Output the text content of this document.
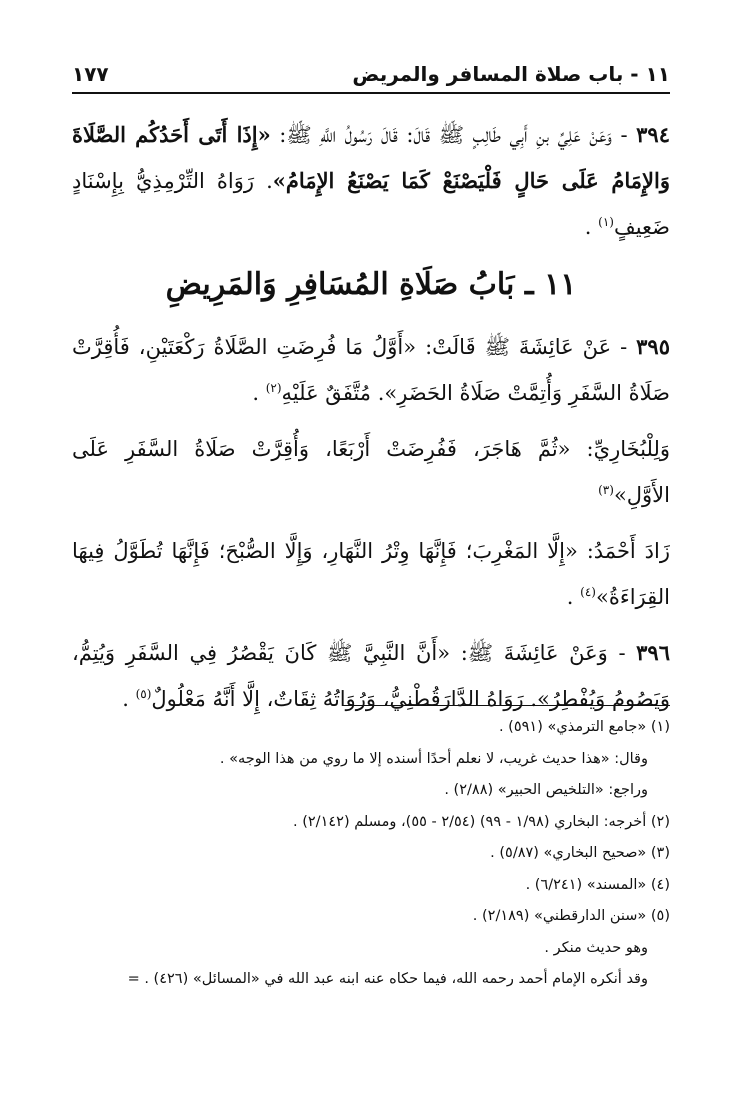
١١ - باب صلاة المسافر والمريض
١٧٧

٣٩٤ - وَعَنْ عَلِيِّ بنِ أَبِي طَالِبٍ ﷺ قَالَ: قَالَ رَسُولُ اللَّهِ ﷺ: «إِذَا أَتَى أَحَدُكُم الصَّلَاةَ وَالإِمَامُ عَلَى حَالٍ فَلْيَصْنَعْ كَمَا يَصْنَعُ الإِمَامُ». رَوَاهُ التِّرْمِذِيُّ بِإِسْنَادٍ ضَعِيفٍ$^{(١)}$ .

١١ ـ بَابُ صَلَاةِ المُسَافِرِ وَالمَرِيضِ

٣٩٥ - عَنْ عَائِشَةَ ﷺ قَالَتْ: «أَوَّلُ مَا فُرِضَتِ الصَّلَاةُ رَكْعَتَيْنِ، فَأُقِرَّتْ صَلَاةُ السَّفَرِ وَأُتِمَّتْ صَلَاةُ الحَضَرِ». مُتَّفَقٌ عَلَيْهِ$^{(٢)}$ .

وَلِلْبُخَارِيِّ: «ثُمَّ هَاجَرَ، فَفُرِضَتْ أَرْبَعًا، وَأُقِرَّتْ صَلَاةُ السَّفَرِ عَلَى الأَوَّلِ»$^{(٣)}$

زَادَ أَحْمَدُ: «إِلَّا المَغْرِبَ؛ فَإِنَّهَا وِتْرُ النَّهَارِ، وَإِلَّا الصُّبْحَ؛ فَإِنَّهَا تُطَوَّلُ فِيهَا القِرَاءَةُ»$^{(٤)}$ .

٣٩٦ - وَعَنْ عَائِشَةَ ﷺ: «أَنَّ النَّبِيَّ ﷺ كَانَ يَقْصُرُ فِي السَّفَرِ وَيُتِمُّ، وَيَصُومُ وَيُفْطِرُ». رَوَاهُ الدَّارَقُطْنِيُّ، وَرُوَاتُهُ ثِقَاتٌ، إِلَّا أَنَّهُ مَعْلُولٌ$^{(٥)}$ .

(١) «جامع الترمذي» (٥٩١) .

وقال: «هذا حديث غريب، لا نعلم أحدًا أسنده إلا ما روي من هذا الوجه» .

وراجع: «التلخيص الحبير» (٢/٨٨) .

(٢) أخرجه: البخاري (١/٩٨ - ٩٩) (٢/٥٤ - ٥٥)، ومسلم (٢/١٤٢) .

(٣) «صحيح البخاري» (٥/٨٧) .

(٤) «المسند» (٦/٢٤١) .

(٥) «سنن الدارقطني» (٢/١٨٩) .

وهو حديث منكر .

وقد أنكره الإمام أحمد رحمه الله، فيما حكاه عنه ابنه عبد الله في «المسائل» (٤٢٦) . =
